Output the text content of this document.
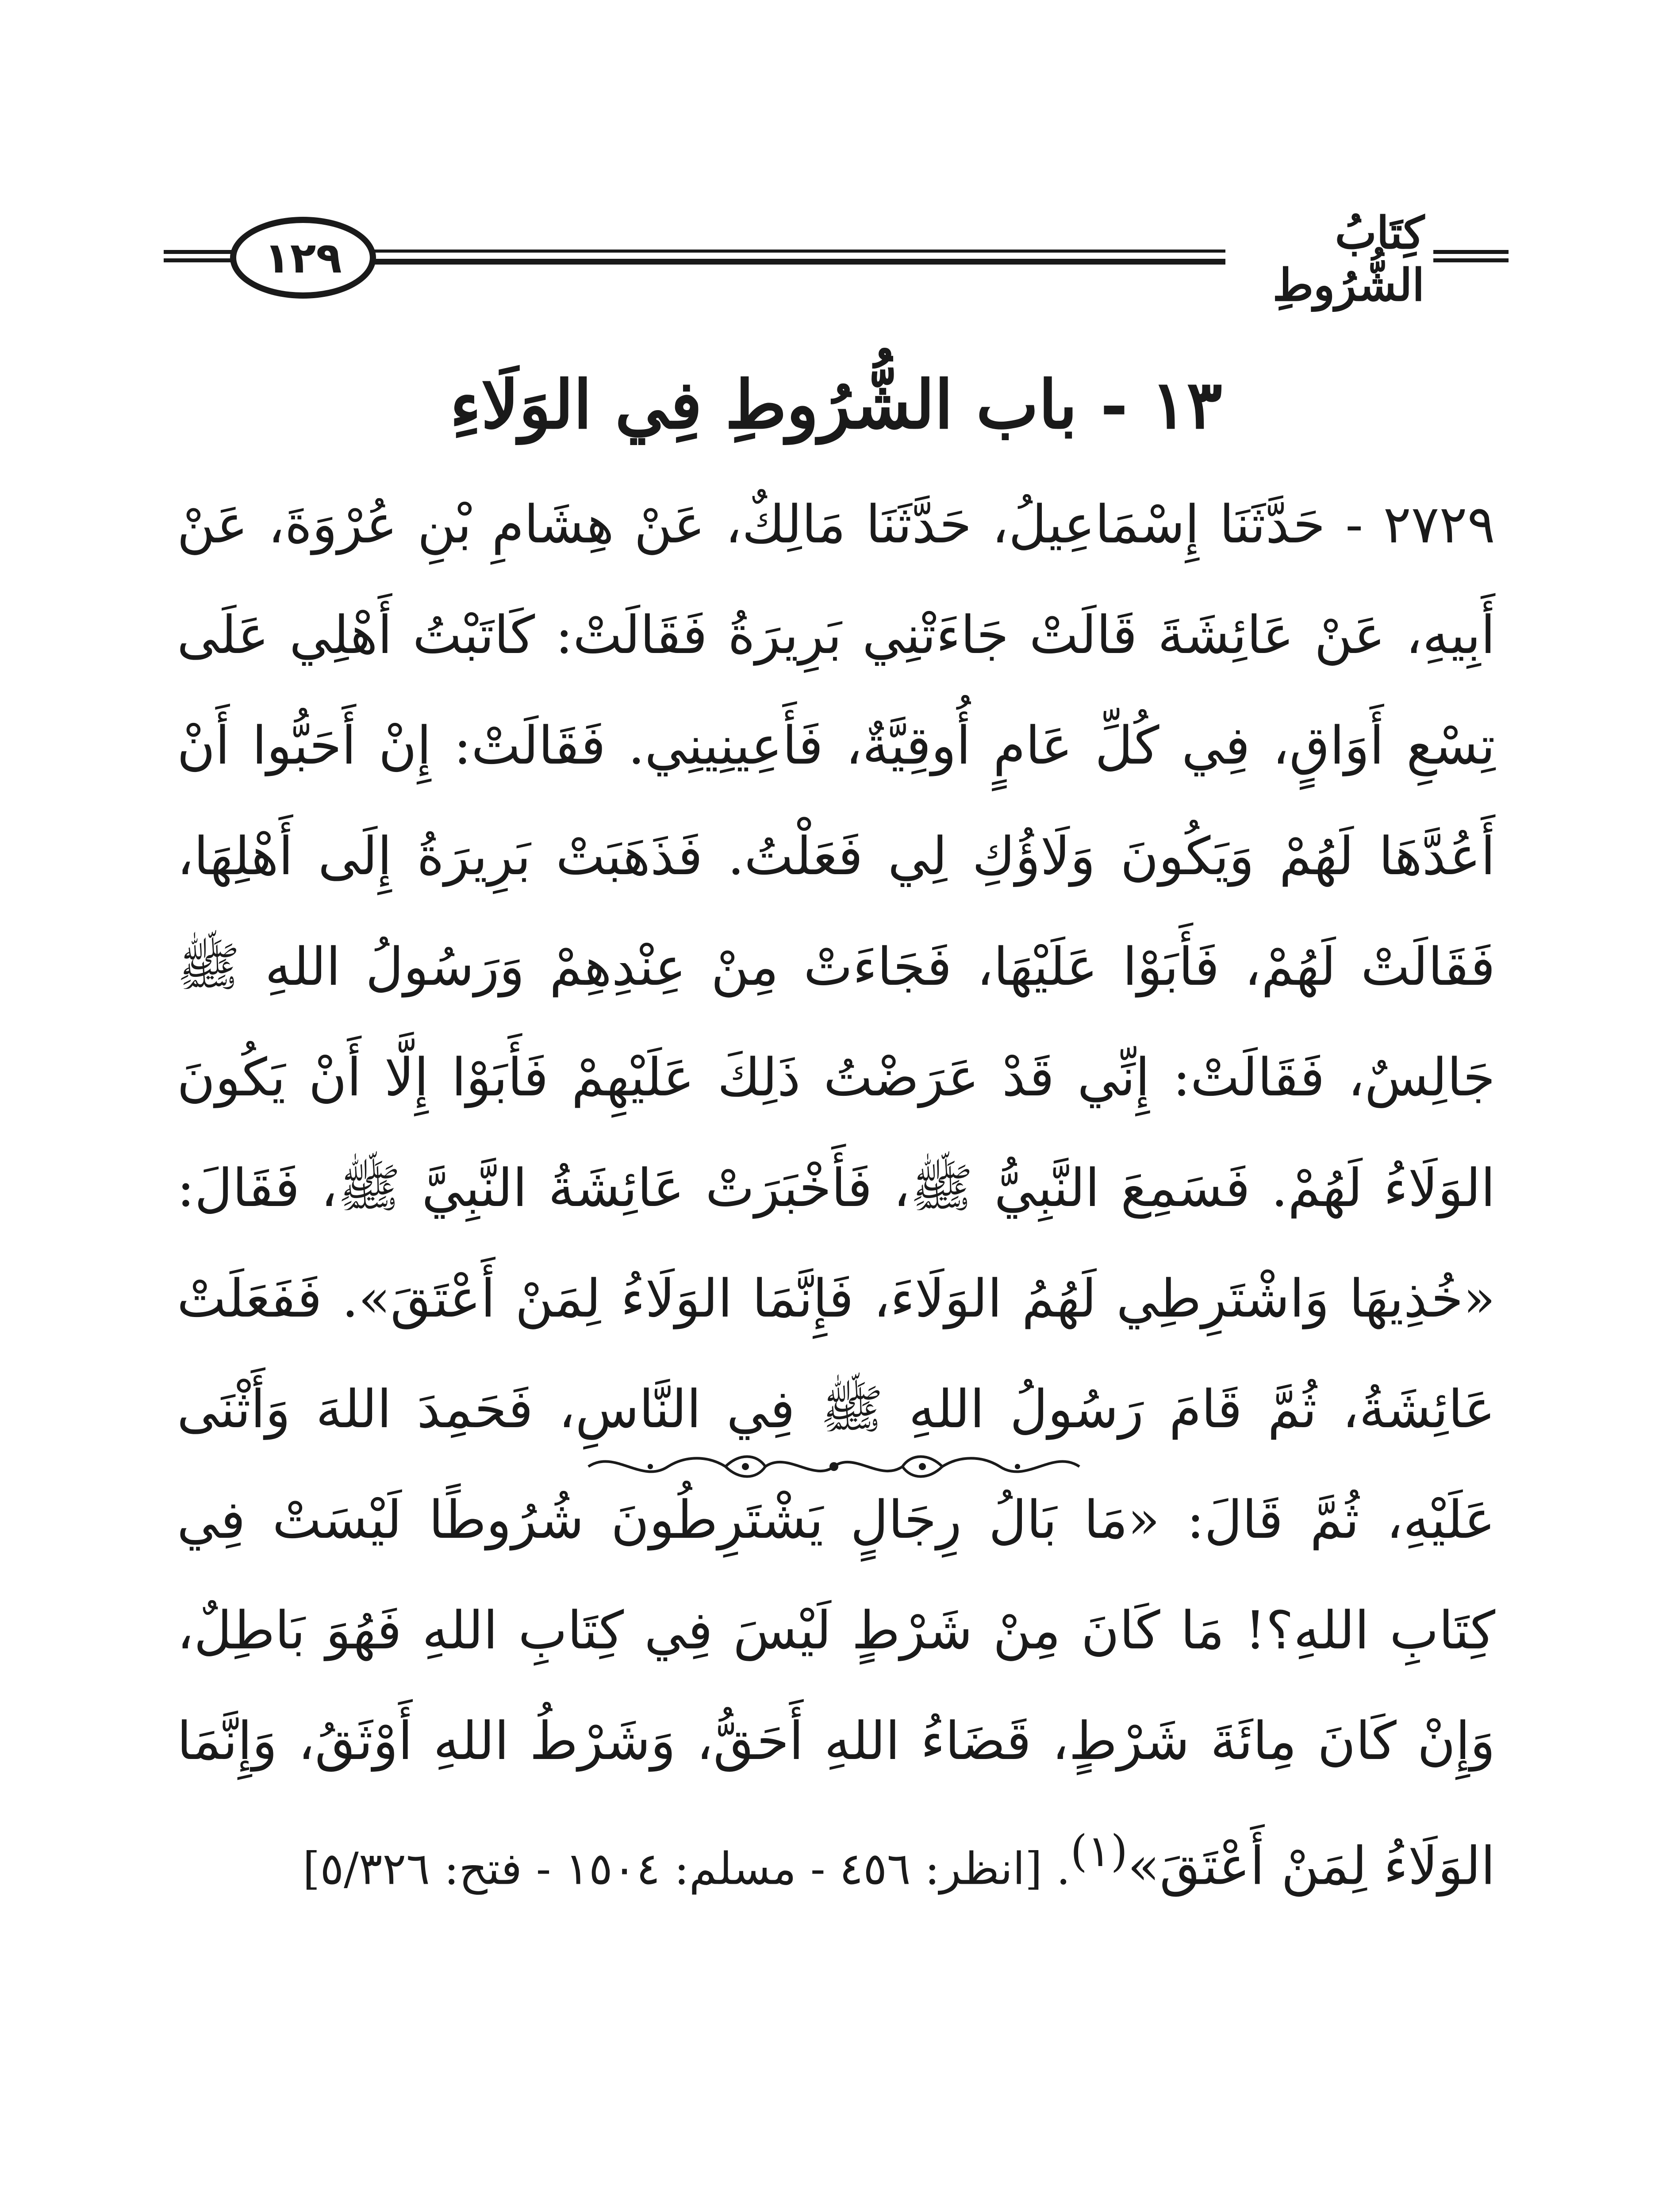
١٢٩	كِتَابُ الشُّرُوطِ
١٣ - باب الشُّرُوطِ فِي الوَلَاءِ
٢٧٢٩ - حَدَّثَنَا إِسْمَاعِيلُ، حَدَّثَنَا مَالِكٌ، عَنْ هِشَامِ بْنِ عُرْوَةَ، عَنْ أَبِيهِ، عَنْ عَائِشَةَ قَالَتْ جَاءَتْنِي بَرِيرَةُ فَقَالَتْ: كَاتَبْتُ أَهْلِي عَلَى تِسْعِ أَوَاقٍ، فِي كُلِّ عَامٍ أُوقِيَّةٌ، فَأَعِينِينِي. فَقَالَتْ: إِنْ أَحَبُّوا أَنْ أَعُدَّهَا لَهُمْ وَيَكُونَ وَلَاؤُكِ لِي فَعَلْتُ. فَذَهَبَتْ بَرِيرَةُ إِلَى أَهْلِهَا، فَقَالَتْ لَهُمْ، فَأَبَوْا عَلَيْهَا، فَجَاءَتْ مِنْ عِنْدِهِمْ وَرَسُولُ اللهِ ﷺ جَالِسٌ، فَقَالَتْ: إِنِّي قَدْ عَرَضْتُ ذَلِكَ عَلَيْهِمْ فَأَبَوْا إِلَّا أَنْ يَكُونَ الوَلَاءُ لَهُمْ. فَسَمِعَ النَّبِيُّ ﷺ، فَأَخْبَرَتْ عَائِشَةُ النَّبِيَّ ﷺ، فَقَالَ: «خُذِيهَا وَاشْتَرِطِي لَهُمُ الوَلَاءَ، فَإِنَّمَا الوَلَاءُ لِمَنْ أَعْتَقَ». فَفَعَلَتْ عَائِشَةُ، ثُمَّ قَامَ رَسُولُ اللهِ ﷺ فِي النَّاسِ، فَحَمِدَ اللهَ وَأَثْنَى عَلَيْهِ، ثُمَّ قَالَ: «مَا بَالُ رِجَالٍ يَشْتَرِطُونَ شُرُوطًا لَيْسَتْ فِي كِتَابِ اللهِ؟! مَا كَانَ مِنْ شَرْطٍ لَيْسَ فِي كِتَابِ اللهِ فَهُوَ بَاطِلٌ، وَإِنْ كَانَ مِائَةَ شَرْطٍ، قَضَاءُ اللهِ أَحَقُّ، وَشَرْطُ اللهِ أَوْثَقُ، وَإِنَّمَا الوَلَاءُ لِمَنْ أَعْتَقَ»$^{(١)}$. [انظر: ٤٥٦ - مسلم: ١٥٠٤ - فتح: ٥/٣٢٦]
